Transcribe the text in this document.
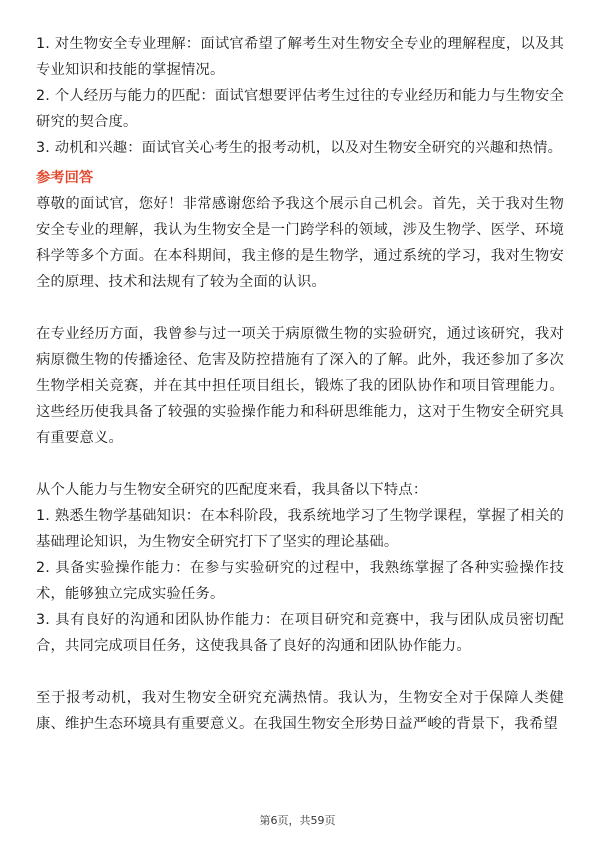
1. 对生物安全专业理解：面试官希望了解考生对生物安全专业的理解程度，以及其专业知识和技能的掌握情况。

2. 个人经历与能力的匹配：面试官想要评估考生过往的专业经历和能力与生物安全研究的契合度。

3. 动机和兴趣：面试官关心考生的报考动机，以及对生物安全研究的兴趣和热情。

参考回答

尊敬的面试官，您好！非常感谢您给予我这个展示自己机会。首先，关于我对生物安全专业的理解，我认为生物安全是一门跨学科的领域，涉及生物学、医学、环境科学等多个方面。在本科期间，我主修的是生物学，通过系统的学习，我对生物安全的原理、技术和法规有了较为全面的认识。

在专业经历方面，我曾参与过一项关于病原微生物的实验研究，通过该研究，我对病原微生物的传播途径、危害及防控措施有了深入的了解。此外，我还参加了多次生物学相关竞赛，并在其中担任项目组长，锻炼了我的团队协作和项目管理能力。这些经历使我具备了较强的实验操作能力和科研思维能力，这对于生物安全研究具有重要意义。

从个人能力与生物安全研究的匹配度来看，我具备以下特点：

1. 熟悉生物学基础知识：在本科阶段，我系统地学习了生物学课程，掌握了相关的基础理论知识，为生物安全研究打下了坚实的理论基础。

2. 具备实验操作能力：在参与实验研究的过程中，我熟练掌握了各种实验操作技术，能够独立完成实验任务。

3. 具有良好的沟通和团队协作能力：在项目研究和竞赛中，我与团队成员密切配合，共同完成项目任务，这使我具备了良好的沟通和团队协作能力。

至于报考动机，我对生物安全研究充满热情。我认为，生物安全对于保障人类健康、维护生态环境具有重要意义。在我国生物安全形势日益严峻的背景下，我希望

第6页，共59页
